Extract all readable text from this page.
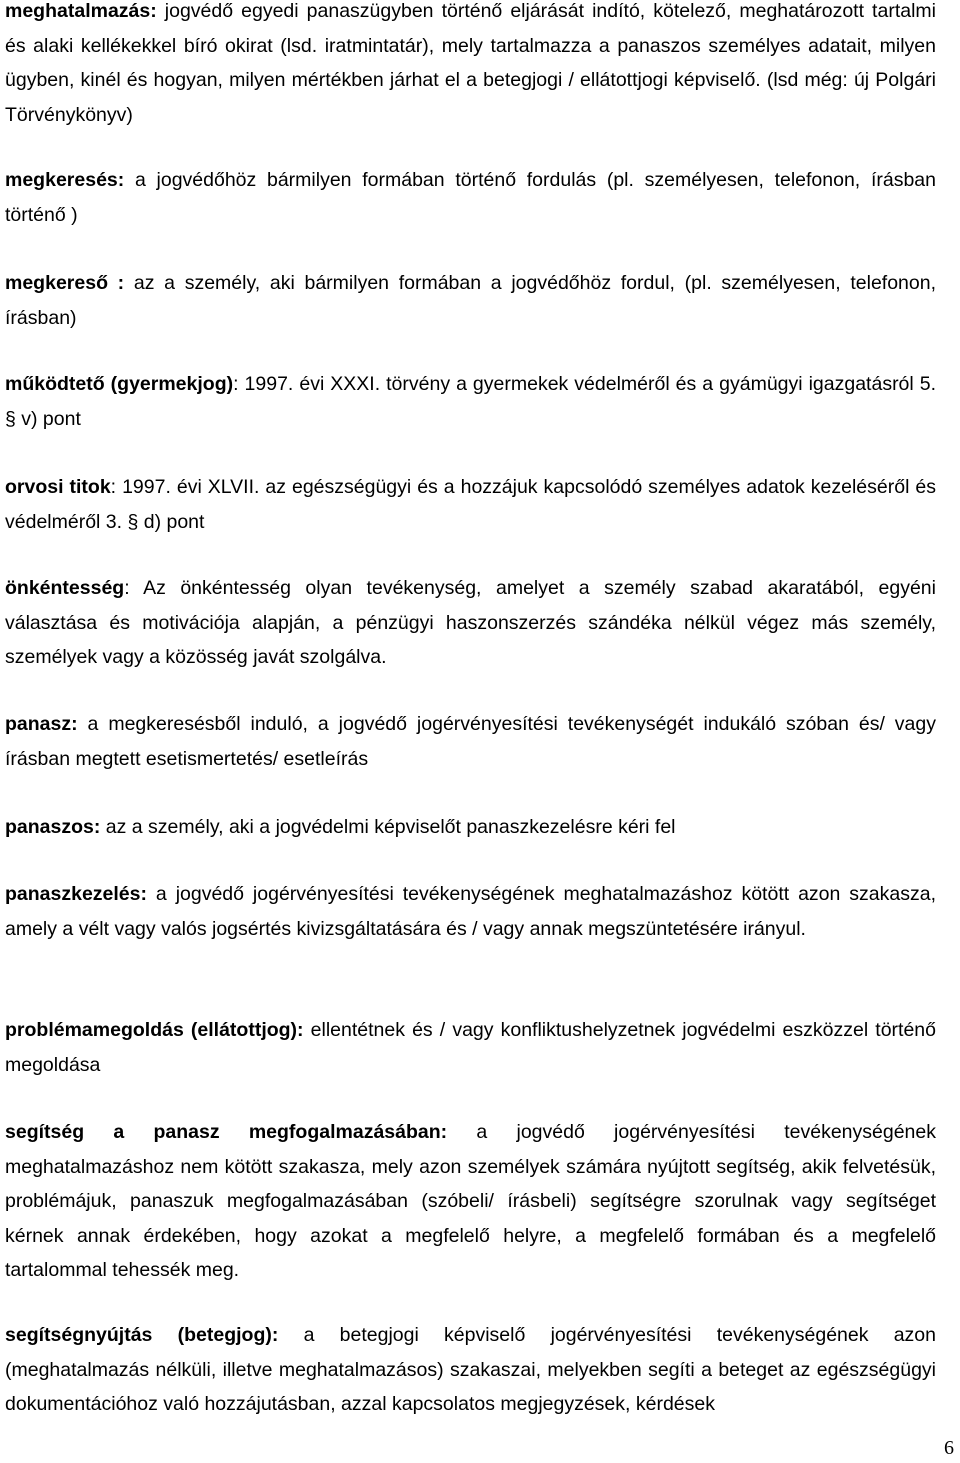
meghatalmazás: jogvédő egyedi panaszügyben történő eljárását indító, kötelező, meghatározott tartalmi és alaki kellékekkel bíró okirat (lsd. iratmintatár), mely tartalmazza a panaszos személyes adatait, milyen ügyben, kinél és hogyan, milyen mértékben járhat el a betegjogi / ellátottjogi képviselő. (lsd még: új Polgári Törvénykönyv)

megkeresés: a jogvédőhöz bármilyen formában történő fordulás (pl. személyesen, telefonon, írásban történő )

megkereső : az a személy, aki bármilyen formában a jogvédőhöz fordul, (pl. személyesen, telefonon, írásban)

működtető (gyermekjog): 1997. évi XXXI. törvény a gyermekek védelméről és a gyámügyi igazgatásról 5. § v) pont

orvosi titok: 1997. évi XLVII. az egészségügyi és a hozzájuk kapcsolódó személyes adatok kezeléséről és védelméről 3. § d) pont

önkéntesség: Az önkéntesség olyan tevékenység, amelyet a személy szabad akaratából, egyéni választása és motivációja alapján, a pénzügyi haszonszerzés szándéka nélkül végez más személy, személyek vagy a közösség javát szolgálva.

panasz: a megkeresésből induló, a jogvédő jogérvényesítési tevékenységét indukáló szóban és/ vagy írásban megtett esetismertetés/ esetleírás

panaszos: az a személy, aki a jogvédelmi képviselőt panaszkezelésre kéri fel

panaszkezelés: a jogvédő jogérvényesítési tevékenységének meghatalmazáshoz kötött azon szakasza, amely a vélt vagy valós jogsértés kivizsgáltatására és / vagy annak megszüntetésére irányul.

problémamegoldás (ellátottjog): ellentétnek és / vagy konfliktushelyzetnek jogvédelmi eszközzel történő megoldása

segítség a panasz megfogalmazásában: a jogvédő jogérvényesítési tevékenységének meghatalmazáshoz nem kötött szakasza, mely azon személyek számára nyújtott segítség, akik felvetésük, problémájuk, panaszuk megfogalmazásában (szóbeli/ írásbeli) segítségre szorulnak vagy segítséget kérnek annak érdekében, hogy azokat a megfelelő helyre, a megfelelő formában és a megfelelő tartalommal tehessék meg.

segítségnyújtás (betegjog): a betegjogi képviselő jogérvényesítési tevékenységének azon (meghatalmazás nélküli, illetve meghatalmazásos) szakaszai, melyekben segíti a beteget az egészségügyi dokumentációhoz való hozzájutásban, azzal kapcsolatos megjegyzések, kérdések

6
